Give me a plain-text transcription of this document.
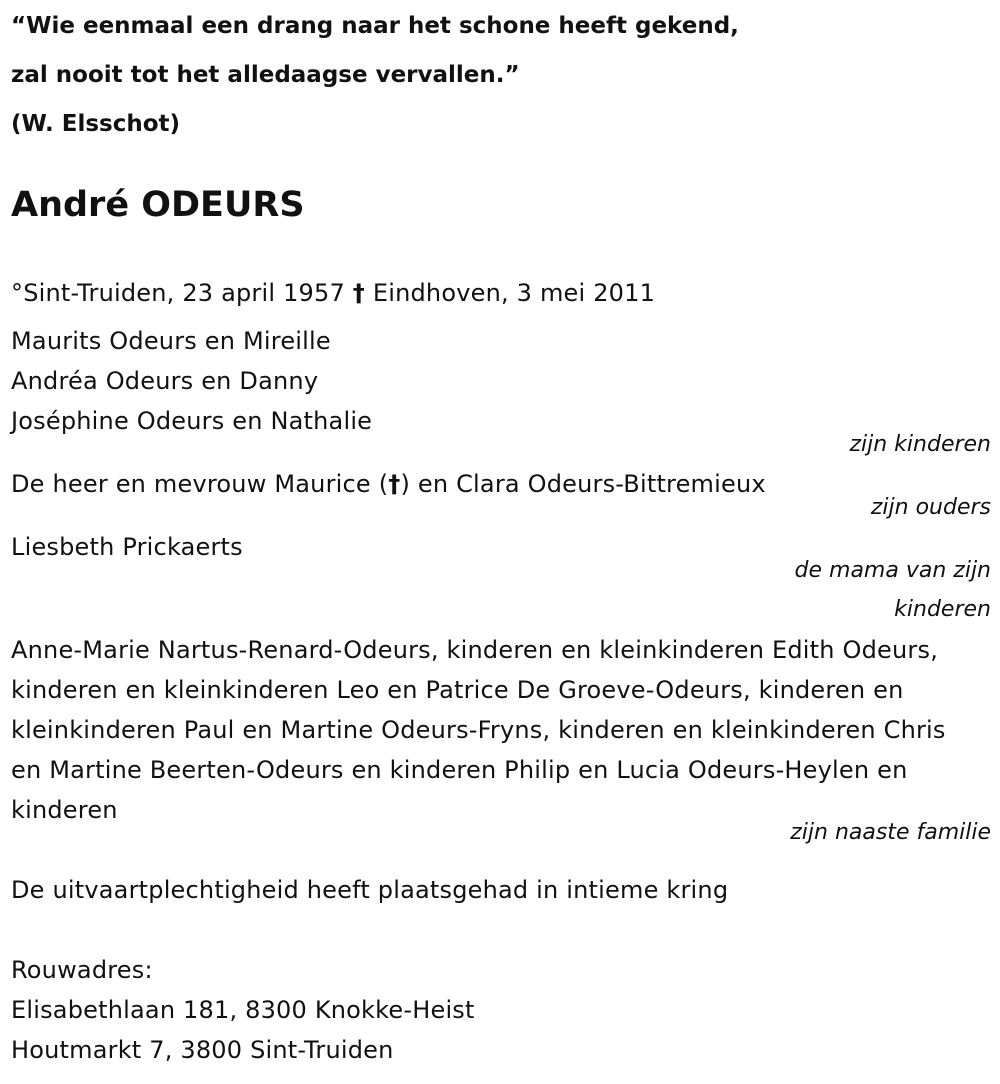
“Wie eenmaal een drang naar het schone heeft gekend,
zal nooit tot het alledaagse vervallen.”
(W. Elsschot)
André ODEURS
°Sint-Truiden, 23 april 1957 † Eindhoven, 3 mei 2011
Maurits Odeurs en Mireille
Andréa Odeurs en Danny
Joséphine Odeurs en Nathalie
zijn kinderen
De heer en mevrouw Maurice (†) en Clara Odeurs-Bittremieux
zijn ouders
Liesbeth Prickaerts
de mama van zijn
kinderen
Anne-Marie Nartus-Renard-Odeurs, kinderen en kleinkinderen Edith Odeurs, kinderen en kleinkinderen Leo en Patrice De Groeve-Odeurs, kinderen en kleinkinderen Paul en Martine Odeurs-Fryns, kinderen en kleinkinderen Chris en Martine Beerten-Odeurs en kinderen Philip en Lucia Odeurs-Heylen en kinderen
zijn naaste familie
De uitvaartplechtigheid heeft plaatsgehad in intieme kring
Rouwadres:
Elisabethlaan 181, 8300 Knokke-Heist
Houtmarkt 7, 3800 Sint-Truiden
